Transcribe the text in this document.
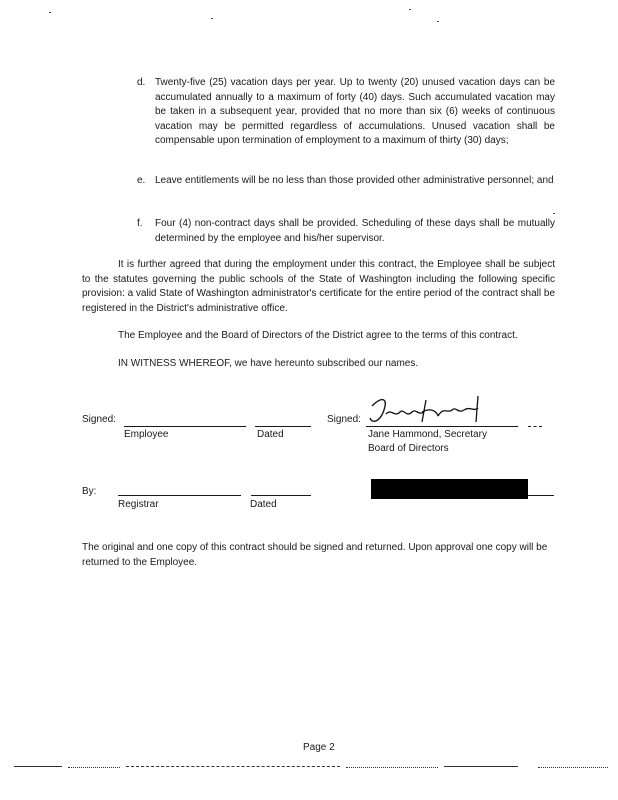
d. Twenty-five (25) vacation days per year. Up to twenty (20) unused vacation days can be accumulated annually to a maximum of forty (40) days. Such accumulated vacation may be taken in a subsequent year, provided that no more than six (6) weeks of continuous vacation may be permitted regardless of accumulations. Unused vacation shall be compensable upon termination of employment to a maximum of thirty (30) days;
e. Leave entitlements will be no less than those provided other administrative personnel; and
f. Four (4) non-contract days shall be provided. Scheduling of these days shall be mutually determined by the employee and his/her supervisor.

It is further agreed that during the employment under this contract, the Employee shall be subject to the statutes governing the public schools of the State of Washington including the following specific provision: a valid State of Washington administrator's certificate for the entire period of the contract shall be registered in the District's administrative office.

The Employee and the Board of Directors of the District agree to the terms of this contract.

IN WITNESS WHEREOF, we have hereunto subscribed our names.

Signed:
Employee	Dated
Signed:
Jane Hammond, Secretary
Board of Directors
By:
Registrar	Dated

The original and one copy of this contract should be signed and returned. Upon approval one copy will be returned to the Employee.

Page 2
